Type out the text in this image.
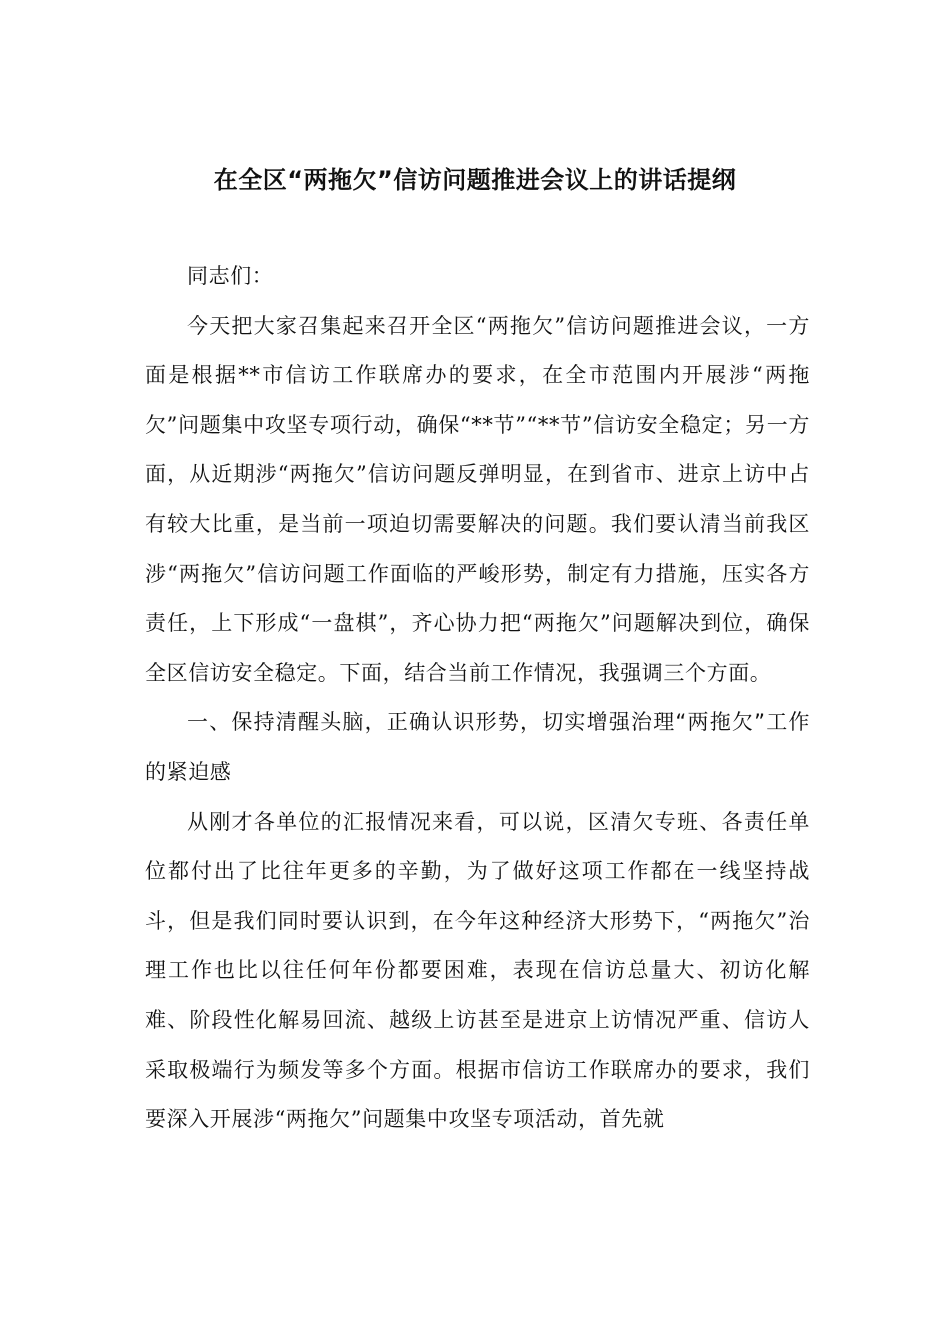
在全区“两拖欠”信访问题推进会议上的讲话提纲

同志们：

今天把大家召集起来召开全区“两拖欠”信访问题推进会议，一方面是根据**市信访工作联席办的要求，在全市范围内开展涉“两拖欠”问题集中攻坚专项行动，确保“**节”“**节”信访安全稳定；另一方面，从近期涉“两拖欠”信访问题反弹明显，在到省市、进京上访中占有较大比重，是当前一项迫切需要解决的问题。我们要认清当前我区涉“两拖欠”信访问题工作面临的严峻形势，制定有力措施，压实各方责任，上下形成“一盘棋”，齐心协力把“两拖欠”问题解决到位，确保全区信访安全稳定。下面，结合当前工作情况，我强调三个方面。

一、保持清醒头脑，正确认识形势，切实增强治理“两拖欠”工作的紧迫感

从刚才各单位的汇报情况来看，可以说，区清欠专班、各责任单位都付出了比往年更多的辛勤，为了做好这项工作都在一线坚持战斗，但是我们同时要认识到，在今年这种经济大形势下，“两拖欠”治理工作也比以往任何年份都要困难，表现在信访总量大、初访化解难、阶段性化解易回流、越级上访甚至是进京上访情况严重、信访人采取极端行为频发等多个方面。根据市信访工作联席办的要求，我们要深入开展涉“两拖欠”问题集中攻坚专项活动，首先就
